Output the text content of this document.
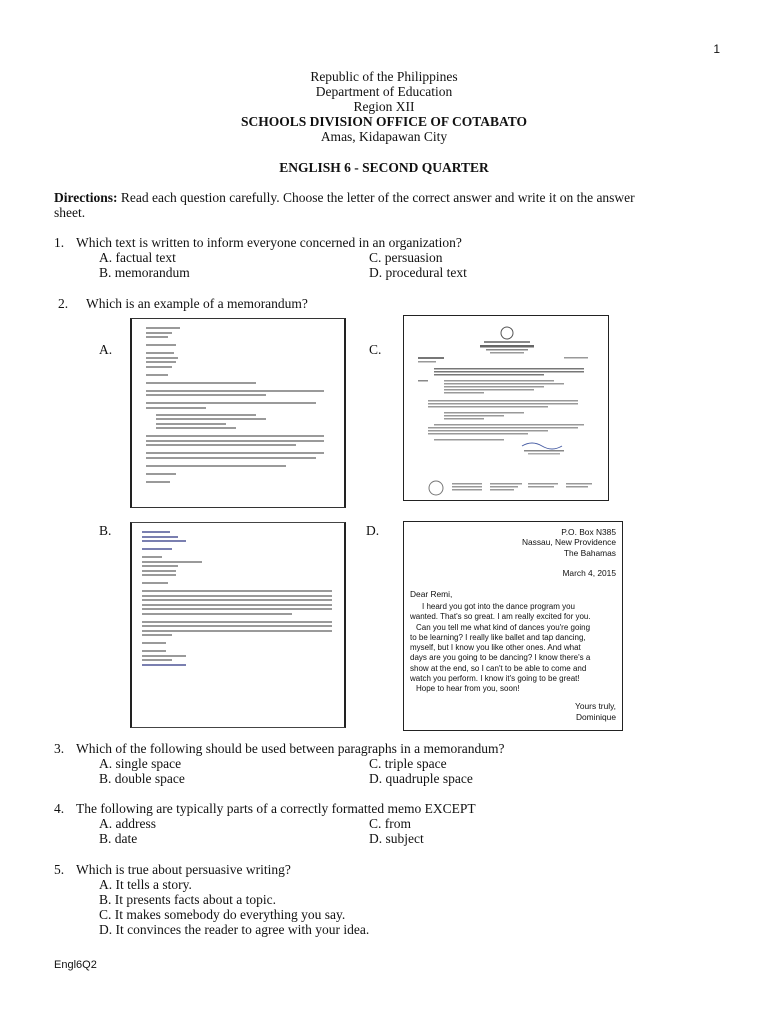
1
Republic of the Philippines
Department of Education
Region XII
SCHOOLS DIVISION OFFICE OF COTABATO
Amas, Kidapawan City
ENGLISH 6 - SECOND QUARTER
Directions: Read each question carefully. Choose the letter of the correct answer and write it on the answer
sheet.
1. Which text is written to inform everyone concerned in an organization?
A. factual text
B. memorandum
C. persuasion
D. procedural text
2. Which is an example of a memorandum?
A.
B.
C.
D.	P.O. Box N385
Nassau, New Providence
The Bahamas
March 4, 2015
Dear Remi,
I heard you got into the dance program you
wanted. That's so great. I am really excited for you.
Can you tell me what kind of dances you're going
to be learning? I really like ballet and tap dancing,
myself, but I know you like other ones. And what
days are you going to be dancing? I know there's a
show at the end, so I can't to be able to come and
watch you perform. I know it's going to be great!
Hope to hear from you, soon!
Yours truly,
Dominique
3. Which of the following should be used between paragraphs in a memorandum?
A. single space
B. double space
C. triple space
D. quadruple space
4. The following are typically parts of a correctly formatted memo EXCEPT
A. address
B. date
C. from
D. subject
5. Which is true about persuasive writing?
A. It tells a story.
B. It presents facts about a topic.
C. It makes somebody do everything you say.
D. It convinces the reader to agree with your idea.
Engl6Q2
